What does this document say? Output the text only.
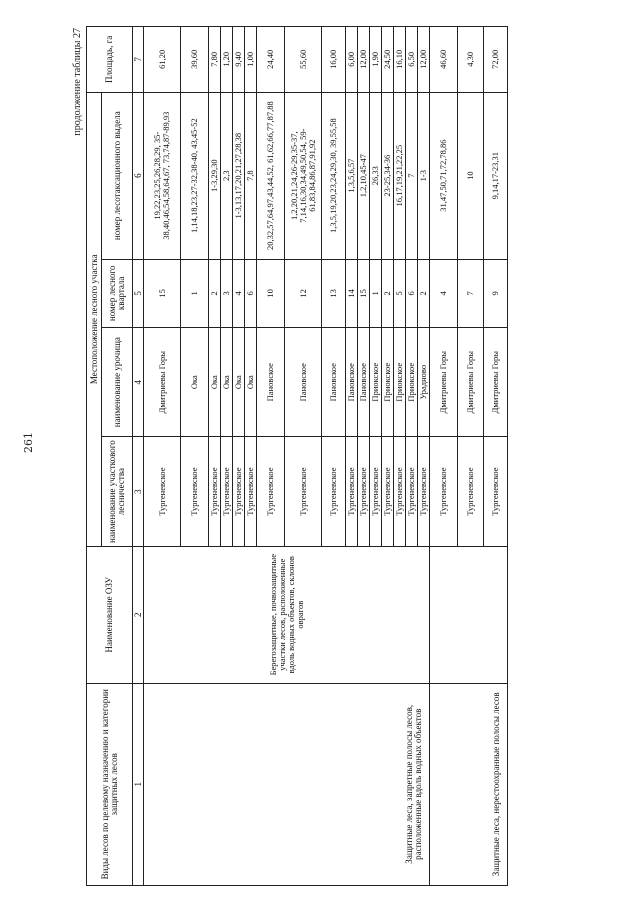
261
продолжение таблицы 27
Виды лесов по целевому назначению и категории защитных лесов	Наименование ОЗУ	Местоположение лесного участка				Площадь, га
		наименование участкового лесничества	наименование урочища	номер лесного квартала	номер лесотаксационного выдела	
1	2	3	4	5	6	7
Защитные леса, запретные полосы лесов, расположенные вдоль водных объектов	Берегозащитные, почвозащитные участки лесов, расположенные вдоль водных объектов, склонов оврагов	Тургеневское	Дмитриевы Горы	15	19,22,23,25,26,28,29, 35-38,40,46,54,58,64,67, 73,74,87-89,93	61,20
		Тургеневское	Ока	1	1,14,18,23,27-32,38-40, 43,45-52	39,60
		Тургеневское	Ока	2	1-3,29,30	7,80
		Тургеневское	Ока	3	2,3	1,20
		Тургеневское	Ока	4	1-3,13,17,20,21,27,28,38	9,40
		Тургеневское	Ока	6	7,8	1,00
		Тургеневское	Пановское	10	20,32,57,64,97,43,44,52, 61,62,66,77,87,88	24,40
		Тургеневское	Пановское	12	1,2,20,21,24,26-29,35-37, 7,14,16,30,34,49,50,54, 59-61,83,84,86,87,91,92	55,60
		Тургеневское	Пановское	13	1,3,5,19,20,23,24,29,30, 39,55,58	16,00
		Тургеневское	Пановское	14	1,3,5,6,57	6,00
		Тургеневское	Пановское	15	1,2,10,45-47	12,00
		Тургеневское	Приокское	1	26,33	1,90
		Тургеневское	Приокское	2	23-25,34-36	24,50
		Тургеневское	Приокское	5	16,17,19,21,22,25	16,10
		Тургеневское	Приокское	6	7	6,50
		Тургеневское	Урадново	2	1-3	12,00
Защитные леса, нерестоохранные полосы лесов		Тургеневское	Дмитриевы Горы	4	31,47,50,71,72,78,86	46,60
		Тургеневское	Дмитриевы Горы	7	10	4,30
		Тургеневское	Дмитриевы Горы	9	9,14,17-23,31	72,00
